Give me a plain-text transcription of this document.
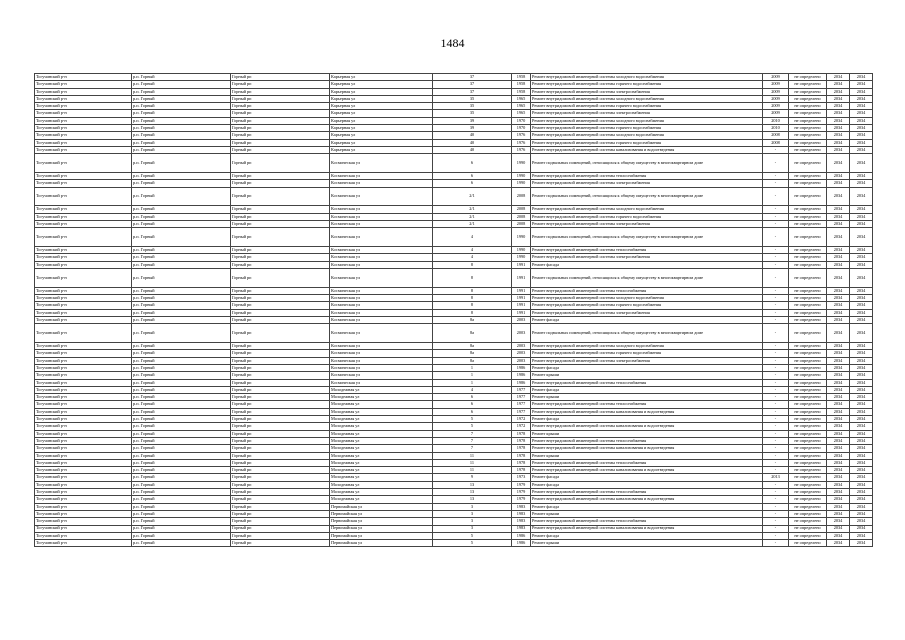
1484
Тогучинский р-н	р.п. Горный	Горный рп	Карьерная ул	37	1958	Ремонт внутридомовой инженерной системы холодного водоснабжения	2009	не определено	2034	2034
Тогучинский р-н	р.п. Горный	Горный рп	Карьерная ул	37	1958	Ремонт внутридомовой инженерной системы горячего водоснабжения	2009	не определено	2034	2034
Тогучинский р-н	р.п. Горный	Горный рп	Карьерная ул	37	1958	Ремонт внутридомовой инженерной системы электроснабжения	2009	не определено	2034	2034
Тогучинский р-н	р.п. Горный	Горный рп	Карьерная ул	35	1965	Ремонт внутридомовой инженерной системы холодного водоснабжения	2009	не определено	2034	2034
Тогучинский р-н	р.п. Горный	Горный рп	Карьерная ул	35	1965	Ремонт внутридомовой инженерной системы горячего водоснабжения	2009	не определено	2034	2034
Тогучинский р-н	р.п. Горный	Горный рп	Карьерная ул	35	1965	Ремонт внутридомовой инженерной системы электроснабжения	2009	не определено	2034	2034
Тогучинский р-н	р.п. Горный	Горный рп	Карьерная ул	39	1970	Ремонт внутридомовой инженерной системы холодного водоснабжения	2010	не определено	2034	2034
Тогучинский р-н	р.п. Горный	Горный рп	Карьерная ул	39	1970	Ремонт внутридомовой инженерной системы горячего водоснабжения	2010	не определено	2034	2034
Тогучинский р-н	р.п. Горный	Горный рп	Карьерная ул	40	1976	Ремонт внутридомовой инженерной системы холодного водоснабжения	2008	не определено	2034	2034
Тогучинский р-н	р.п. Горный	Горный рп	Карьерная ул	40	1976	Ремонт внутридомовой инженерной системы горячего водоснабжения	2008	не определено	2034	2034
Тогучинский р-н	р.п. Горный	Горный рп	Карьерная ул	40	1976	Ремонт внутридомовой инженерной системы канализования и водоотведения	-	не определено	2034	2034
Тогучинский р-н	р.п. Горный	Горный рп	Космическая ул	6	1990	Ремонт подвальных помещений, относящихся к общему имуществу в многоквартирном доме	-	не определено	2034	2034
Тогучинский р-н	р.п. Горный	Горный рп	Космическая ул	6	1990	Ремонт внутридомовой инженерной системы теплоснабжения	-	не определено	2034	2034
Тогучинский р-н	р.п. Горный	Горный рп	Космическая ул	6	1990	Ремонт внутридомовой инженерной системы электроснабжения	-	не определено	2034	2034
Тогучинский р-н	р.п. Горный	Горный рп	Космическая ул	2/1	2008	Ремонт подвальных помещений, относящихся к общему имуществу в многоквартирном доме	-	не определено	2034	2034
Тогучинский р-н	р.п. Горный	Горный рп	Космическая ул	2/1	2008	Ремонт внутридомовой инженерной системы холодного водоснабжения	-	не определено	2034	2034
Тогучинский р-н	р.п. Горный	Горный рп	Космическая ул	2/1	2008	Ремонт внутридомовой инженерной системы горячего водоснабжения	-	не определено	2034	2034
Тогучинский р-н	р.п. Горный	Горный рп	Космическая ул	2/1	2008	Ремонт внутридомовой инженерной системы электроснабжения	-	не определено	2034	2034
Тогучинский р-н	р.п. Горный	Горный рп	Космическая ул	4	1990	Ремонт подвальных помещений, относящихся к общему имуществу в многоквартирном доме	-	не определено	2034	2034
Тогучинский р-н	р.п. Горный	Горный рп	Космическая ул	4	1990	Ремонт внутридомовой инженерной системы теплоснабжения	-	не определено	2034	2034
Тогучинский р-н	р.п. Горный	Горный рп	Космическая ул	4	1990	Ремонт внутридомовой инженерной системы электроснабжения	-	не определено	2034	2034
Тогучинский р-н	р.п. Горный	Горный рп	Космическая ул	8	1991	Ремонт фасада	-	не определено	2034	2034
Тогучинский р-н	р.п. Горный	Горный рп	Космическая ул	8	1991	Ремонт подвальных помещений, относящихся к общему имуществу в многоквартирном доме	-	не определено	2034	2034
Тогучинский р-н	р.п. Горный	Горный рп	Космическая ул	8	1991	Ремонт внутридомовой инженерной системы теплоснабжения	-	не определено	2034	2034
Тогучинский р-н	р.п. Горный	Горный рп	Космическая ул	8	1991	Ремонт внутридомовой инженерной системы холодного водоснабжения	-	не определено	2034	2034
Тогучинский р-н	р.п. Горный	Горный рп	Космическая ул	8	1991	Ремонт внутридомовой инженерной системы горячего водоснабжения	-	не определено	2034	2034
Тогучинский р-н	р.п. Горный	Горный рп	Космическая ул	8	1991	Ремонт внутридомовой инженерной системы электроснабжения	-	не определено	2034	2034
Тогучинский р-н	р.п. Горный	Горный рп	Космическая ул	8а	2003	Ремонт фасада	-	не определено	2034	2034
Тогучинский р-н	р.п. Горный	Горный рп	Космическая ул	8а	2003	Ремонт подвальных помещений, относящихся к общему имуществу в многоквартирном доме	-	не определено	2034	2034
Тогучинский р-н	р.п. Горный	Горный рп	Космическая ул	8а	2003	Ремонт внутридомовой инженерной системы холодного водоснабжения	-	не определено	2034	2034
Тогучинский р-н	р.п. Горный	Горный рп	Космическая ул	8а	2003	Ремонт внутридомовой инженерной системы горячего водоснабжения	-	не определено	2034	2034
Тогучинский р-н	р.п. Горный	Горный рп	Космическая ул	8а	2003	Ремонт внутридомовой инженерной системы электроснабжения	-	не определено	2034	2034
Тогучинский р-н	р.п. Горный	Горный рп	Космическая ул	1	1986	Ремонт фасада	-	не определено	2034	2034
Тогучинский р-н	р.п. Горный	Горный рп	Космическая ул	1	1986	Ремонт крыши	-	не определено	2034	2034
Тогучинский р-н	р.п. Горный	Горный рп	Космическая ул	1	1986	Ремонт внутридомовой инженерной системы теплоснабжения	-	не определено	2034	2034
Тогучинский р-н	р.п. Горный	Горный рп	Молодежная ул	4	1977	Ремонт фасада	-	не определено	2034	2034
Тогучинский р-н	р.п. Горный	Горный рп	Молодежная ул	6	1977	Ремонт крыши	-	не определено	2034	2034
Тогучинский р-н	р.п. Горный	Горный рп	Молодежная ул	6	1977	Ремонт внутридомовой инженерной системы теплоснабжения	-	не определено	2034	2034
Тогучинский р-н	р.п. Горный	Горный рп	Молодежная ул	6	1977	Ремонт внутридомовой инженерной системы канализования и водоотведения	-	не определено	2034	2034
Тогучинский р-н	р.п. Горный	Горный рп	Молодежная ул	5	1972	Ремонт фасада	-	не определено	2034	2034
Тогучинский р-н	р.п. Горный	Горный рп	Молодежная ул	5	1972	Ремонт внутридомовой инженерной системы канализования и водоотведения	-	не определено	2034	2034
Тогучинский р-н	р.п. Горный	Горный рп	Молодежная ул	7	1978	Ремонт крыши	-	не определено	2034	2034
Тогучинский р-н	р.п. Горный	Горный рп	Молодежная ул	7	1978	Ремонт внутридомовой инженерной системы теплоснабжения	-	не определено	2034	2034
Тогучинский р-н	р.п. Горный	Горный рп	Молодежная ул	7	1978	Ремонт внутридомовой инженерной системы канализования и водоотведения	-	не определено	2034	2034
Тогучинский р-н	р.п. Горный	Горный рп	Молодежная ул	11	1978	Ремонт крыши	-	не определено	2034	2034
Тогучинский р-н	р.п. Горный	Горный рп	Молодежная ул	11	1978	Ремонт внутридомовой инженерной системы теплоснабжения	-	не определено	2034	2034
Тогучинский р-н	р.п. Горный	Горный рп	Молодежная ул	11	1978	Ремонт внутридомовой инженерной системы канализования и водоотведения	-	не определено	2034	2034
Тогучинский р-н	р.п. Горный	Горный рп	Молодежная ул	9	1973	Ремонт фасада	2013	не определено	2034	2034
Тогучинский р-н	р.п. Горный	Горный рп	Молодежная ул	13	1979	Ремонт фасада	-	не определено	2034	2034
Тогучинский р-н	р.п. Горный	Горный рп	Молодежная ул	13	1979	Ремонт внутридомовой инженерной системы теплоснабжения	-	не определено	2034	2034
Тогучинский р-н	р.п. Горный	Горный рп	Молодежная ул	13	1979	Ремонт внутридомовой инженерной системы канализования и водоотведения	-	не определено	2034	2034
Тогучинский р-н	р.п. Горный	Горный рп	Первомайская ул	3	1983	Ремонт фасада	-	не определено	2034	2034
Тогучинский р-н	р.п. Горный	Горный рп	Первомайская ул	3	1983	Ремонт крыши	-	не определено	2034	2034
Тогучинский р-н	р.п. Горный	Горный рп	Первомайская ул	3	1983	Ремонт внутридомовой инженерной системы теплоснабжения	-	не определено	2034	2034
Тогучинский р-н	р.п. Горный	Горный рп	Первомайская ул	3	1983	Ремонт внутридомовой инженерной системы канализования и водоотведения	-	не определено	2034	2034
Тогучинский р-н	р.п. Горный	Горный рп	Первомайская ул	5	1986	Ремонт фасада	-	не определено	2034	2034
Тогучинский р-н	р.п. Горный	Горный рп	Первомайская ул	5	1986	Ремонт крыши	-	не определено	2034	2034
